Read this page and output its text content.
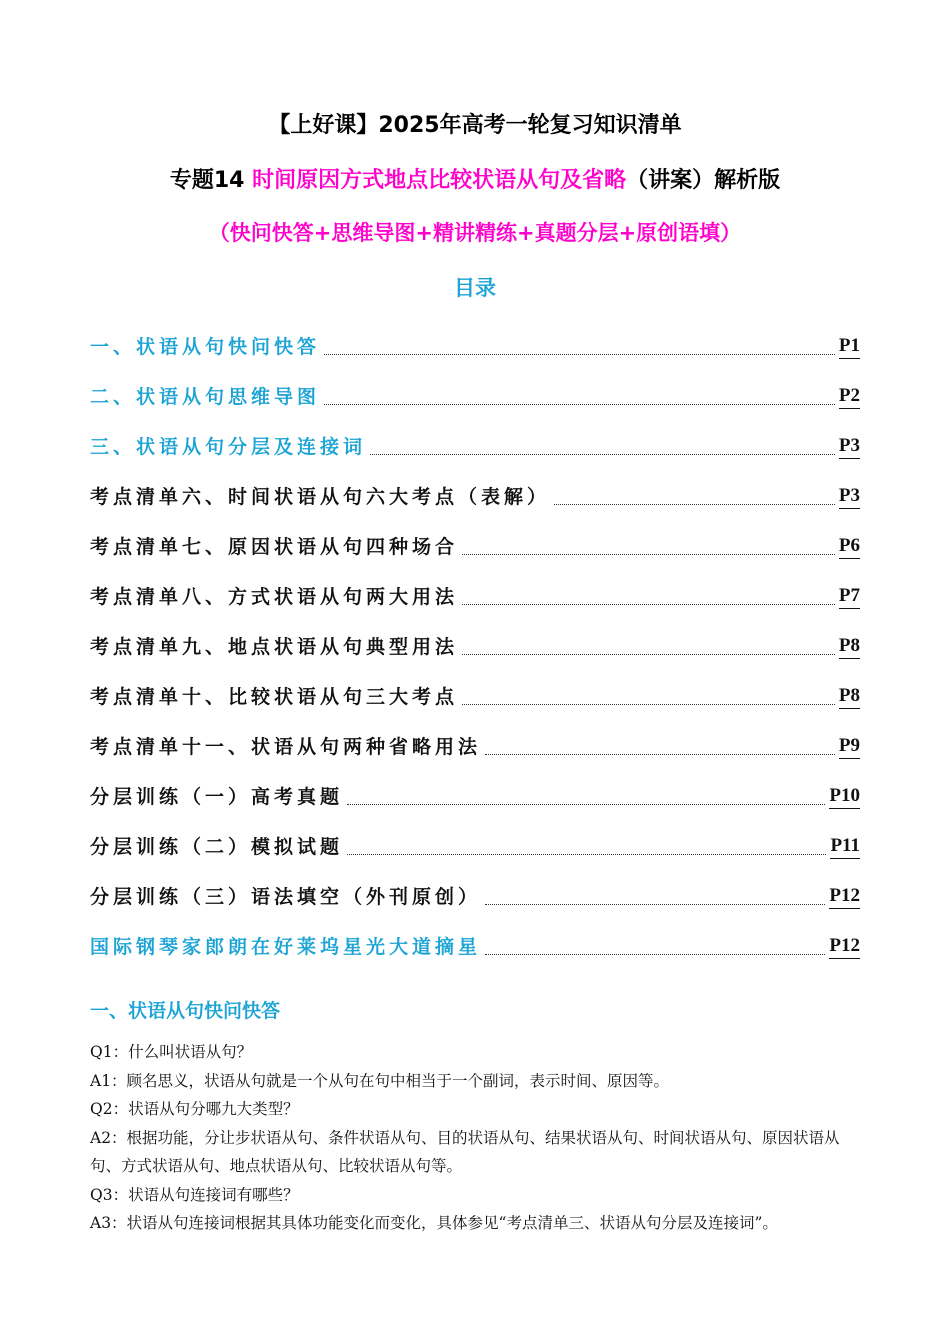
【上好课】2025年高考一轮复习知识清单
专题14 时间原因方式地点比较状语从句及省略（讲案）解析版
（快问快答+思维导图+精讲精练+真题分层+原创语填）
目录
一、状语从句快问快答	P1
二、状语从句思维导图	P2
三、状语从句分层及连接词	P3
考点清单六、时间状语从句六大考点（表解）	P3
考点清单七、原因状语从句四种场合	P6
考点清单八、方式状语从句两大用法	P7
考点清单九、地点状语从句典型用法	P8
考点清单十、比较状语从句三大考点	P8
考点清单十一、状语从句两种省略用法	P9
分层训练（一）高考真题	P10
分层训练（二）模拟试题	P11
分层训练（三）语法填空（外刊原创）	P12
国际钢琴家郎朗在好莱坞星光大道摘星	P12
一、状语从句快问快答

Q1：什么叫状语从句？

A1：顾名思义，状语从句就是一个从句在句中相当于一个副词，表示时间、原因等。

Q2：状语从句分哪九大类型？

A2：根据功能，分让步状语从句、条件状语从句、目的状语从句、结果状语从句、时间状语从句、原因状语从句、方式状语从句、地点状语从句、比较状语从句等。

Q3：状语从句连接词有哪些？

A3：状语从句连接词根据其具体功能变化而变化，具体参见“考点清单三、状语从句分层及连接词”。
